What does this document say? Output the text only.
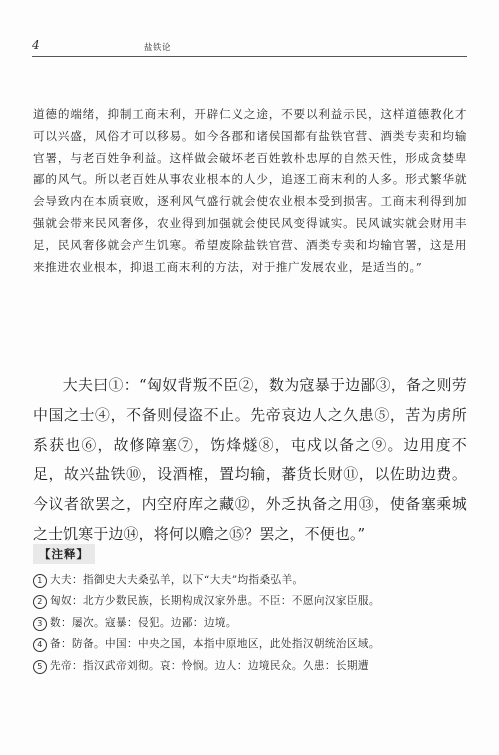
4	盐铁论

道德的端绪，抑制工商末利，开辟仁义之途，不要以利益示民，这样道德教化才可以兴盛，风俗才可以移易。如今各郡和诸侯国都有盐铁官营、酒类专卖和均输官署，与老百姓争利益。这样做会破坏老百姓敦朴忠厚的自然天性，形成贪婪卑鄙的风气。所以老百姓从事农业根本的人少，追逐工商末利的人多。形式繁华就会导致内在本质衰败，逐利风气盛行就会使农业根本受到损害。工商末利得到加强就会带来民风奢侈，农业得到加强就会使民风变得诚实。民风诚实就会财用丰足，民风奢侈就会产生饥寒。希望废除盐铁官营、酒类专卖和均输官署，这是用来推进农业根本，抑退工商末利的方法，对于推广发展农业，是适当的。”

大夫曰①：“匈奴背叛不臣②，数为寇暴于边鄙③，备之则劳中国之士④，不备则侵盗不止。先帝哀边人之久患⑤，苦为虏所系获也⑥，故修障塞⑦，饬烽燧⑧，屯戍以备之⑨。边用度不足，故兴盐铁⑩，设酒榷，置均输，蕃货长财⑪，以佐助边费。今议者欲罢之，内空府库之藏⑫，外乏执备之用⑬，使备塞乘城之士饥寒于边⑭，将何以赡之⑮？罢之，不便也。”

【注释】
1 大夫：指御史大夫桑弘羊，以下“大夫”均指桑弘羊。
2 匈奴：北方少数民族，长期构成汉家外患。不臣：不愿向汉家臣服。
3 数：屡次。寇暴：侵犯。边鄙：边境。
4 备：防备。中国：中央之国，本指中原地区，此处指汉朝统治区域。
5 先帝：指汉武帝刘彻。哀：怜悯。边人：边境民众。久患：长期遭
